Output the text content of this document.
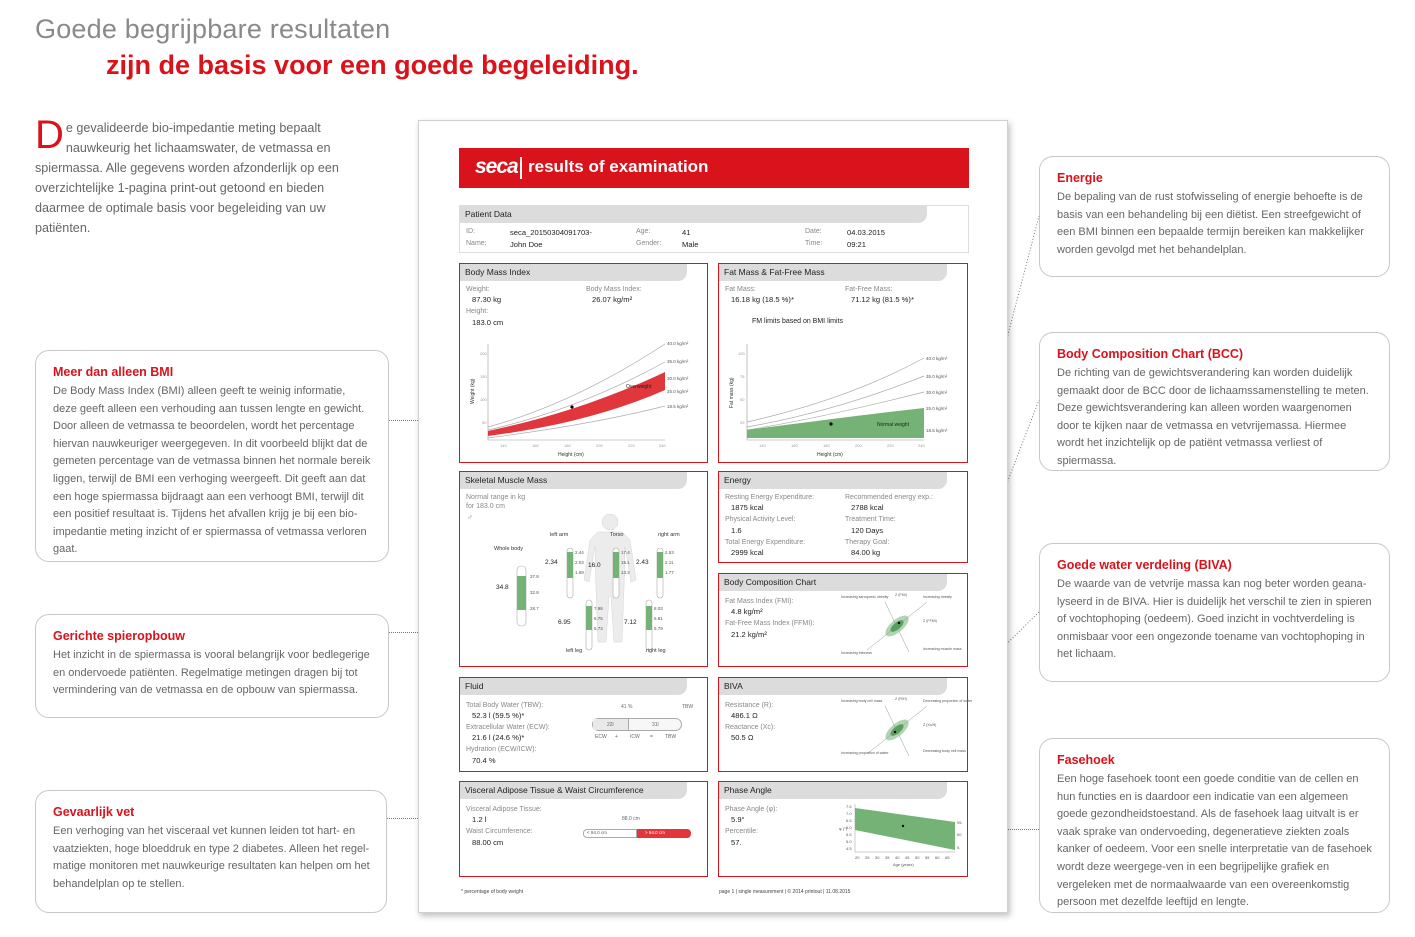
Goede begrijpbare resultaten
zijn de basis voor een goede begeleiding.
De gevalideerde bio-impedantie meting bepaalt nauwkeurig het lichaamswater, de vetmassa en spiermassa. Alle gegevens worden afzonderlijk op een overzichtelijke 1-pagina print-out getoond en bieden daarmee de optimale basis voor begeleiding van uw patiënten.
Meer dan alleen BMI

De Body Mass Index (BMI) alleen geeft te weinig informatie, deze geeft alleen een verhouding aan tussen lengte en gewicht. Door alleen de vetmassa te beoordelen, wordt het percentage hiervan nauwkeuriger weergegeven. In dit voorbeeld blijkt dat de gemeten percentage van de vetmassa binnen het normale bereik liggen, terwijl de BMI een verhoging weergeeft. Dit geeft aan dat een hoge spiermassa bijdraagt aan een verhoogt BMI, terwijl dit een positief resultaat is. Tijdens het afvallen krijg je bij een bio-impedantie meting inzicht of er spiermassa of vetmassa verloren gaat.

Gerichte spieropbouw

Het inzicht in de spiermassa is vooral belangrijk voor bedlegerige en ondervoede patiënten. Regelmatige metingen dragen bij tot vermindering van de vetmassa en de opbouw van spiermassa.

Gevaarlijk vet

Een verhoging van het visceraal vet kunnen leiden tot hart- en vaatziekten, hoge bloeddruk en type 2 diabetes. Alleen het regel-matige monitoren met nauwkeurige resultaten kan helpen om het behandelplan op te stellen.

Energie

De bepaling van de rust stofwisseling of energie behoefte is de basis van een behandeling bij een diëtist. Een streefgewicht of een BMI binnen een bepaalde termijn bereiken kan makkelijker worden gevolgd met het behandelplan.

Body Composition Chart (BCC)

De richting van de gewichtsverandering kan worden duidelijk gemaakt door de BCC door de lichaamssamenstelling te meten. Deze gewichtsverandering kan alleen worden waargenomen door te kijken naar de vetmassa en vetvrijemassa. Hiermee wordt het inzichtelijk op de patiënt vetmassa verliest of spiermassa.

Goede water verdeling (BIVA)

De waarde van de vetvrije massa kan nog beter worden geana-lyseerd in de BIVA. Hier is duidelijk het verschil te zien in spieren of vochtophoping (oedeem). Goed inzicht in vochtverdeling is onmisbaar voor een ongezonde toename van vochtophoping in het lichaam.

Fasehoek

Een hoge fasehoek toont een goede conditie van de cellen en hun functies en is daardoor een indicatie van een algemeen goede gezondheidstoestand. Als de fasehoek laag uitvalt is er vaak sprake van ondervoeding, degeneratieve ziekten zoals kanker of oedeem. Voor een snelle interpretatie van de fasehoek wordt deze weergege-ven in een begrijpelijke grafiek en vergeleken met de normaalwaarde van een overeenkomstig persoon met dezelfde leeftijd en lengte.

seca results of examination
Patient Data
ID:	seca_20150304091703-
Name:	John Doe
Age:	41
Gender:	Male
Date:	04.03.2015
Time:	09:21
Body Mass Index
Weight:
87.30 kg
Height:
183.0 cm
Body Mass Index:
26.07 kg/m²
40.0 kg/m²
35.0 kg/m²
30.0 kg/m²
25.0 kg/m²
18.5 kg/m²
Overweight
Weight (kg)
Height (cm)
200
150
100
50
140	160	180	200	220	240
Fat Mass & Fat-Free Mass
Fat Mass:
16.18 kg (18.5 %)*
Fat-Free Mass:
71.12 kg (81.5 %)*
FM limits based on BMI limits
40.0 kg/m²
35.0 kg/m²
30.0 kg/m²
25.0 kg/m²
18.5 kg/m²
Normal weight
Fat mass (kg)
Height (cm)
100
75
50
25
140	160	180	200	220	240
Skeletal Muscle Mass
Normal range in kg
for 183.0 cm
♂
left arm	Torso	right arm
Whole body
left leg	right leg
34.8
2.34	16.0	2.43
6.95	7.12
37.8
32.8
28.7
2.44
2.03
1.69
17.4
15.1
13.2
2.53
2.11
1.77
7.98
6.75
5.73
8.03
6.81
5.79
Energy
Resting Energy Expenditure:
1875 kcal
Physical Activity Level:
1.6
Total Energy Expenditure:
2999 kcal
Recommended energy exp.:
2788 kcal
Treatment Time:
120 Days
Therapy Goal:
84.00 kg
Body Composition Chart
Fat Mass Index (FMI):
4.8 kg/m²
Fat-Free Mass Index (FFMI):
21.2 kg/m²
Increasing sarcopenic obesity Z (FMI)	Increasing obesity
Z (FFMI)
Increasing thinness
Increasing muscle mass
Fluid
Total Body Water (TBW):
52.3 l (59.5 %)*
Extracellular Water (ECW):
21.6 l (24.6 %)*
Hydration (ECW/ICW):
70.4 %
41 %	TBW
22l	31l
ECW + ICW = TBW
BIVA
Resistance (R):
486.1 Ω
Reactance (Xc):
50.5 Ω
Increasing body cell mass	Z (R/H)	Decreasing proportion of water
Z (Xc/H)
Increasing proportion of water	Decreasing body cell mass
Visceral Adipose Tissue & Waist Circumference
Visceral Adipose Tissue:
1.2 l
Waist Circumference:
88.00 cm
88.0 cm
< 94.0 cm	> 94.0 cm
Phase Angle
Phase Angle (φ):
5.9°
Percentile:
57.
φ (°)
7.5
7.0
6.5
6.0
5.5
5.0
4.5
20 25 30 35 40 45 50 55 60 65
95.
50
5.
Age (years)
* percentage of body weight	page 1 | single measurement | © 2014 printout | 11.08.2015
